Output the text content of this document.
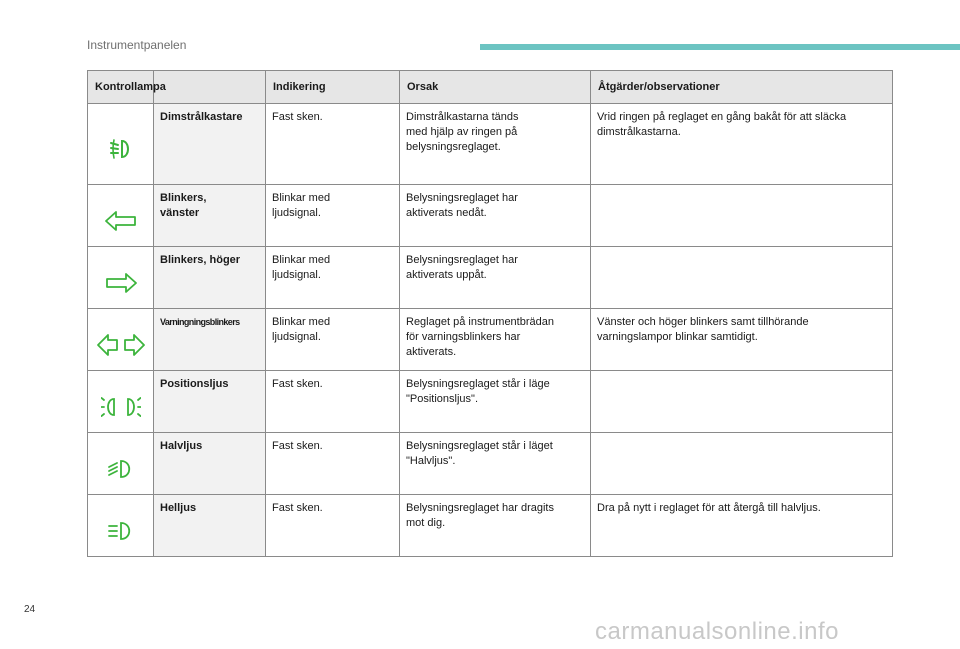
Instrumentpanelen
Kontrollampa		Indikering	Orsak	Åtgärder/observationer

	Dimstrålkastare	Fast sken.	Dimstrålkastarna tänds
med hjälp av ringen på
belysningsreglaget.	Vrid ringen på reglaget en gång bakåt för att släcka
dimstrålkastarna.

	Blinkers,
vänster	Blinkar med
ljudsignal.	Belysningsreglaget har
aktiverats nedåt.	

	Blinkers, höger	Blinkar med
ljudsignal.	Belysningsreglaget har
aktiverats uppåt.	

	Varningningsblinkers	Blinkar med
ljudsignal.	Reglaget på instrumentbrädan
för varningsblinkers har
aktiverats.	Vänster och höger blinkers samt tillhörande
varningslampor blinkar samtidigt.

	Positionsljus	Fast sken.	Belysningsreglaget står i läge
"Positionsljus".	

	Halvljus	Fast sken.	Belysningsreglaget står i läget
"Halvljus".	

	Helljus	Fast sken.	Belysningsreglaget har dragits
mot dig.	Dra på nytt i reglaget för att återgå till halvljus.
24
carmanualsonline.info
